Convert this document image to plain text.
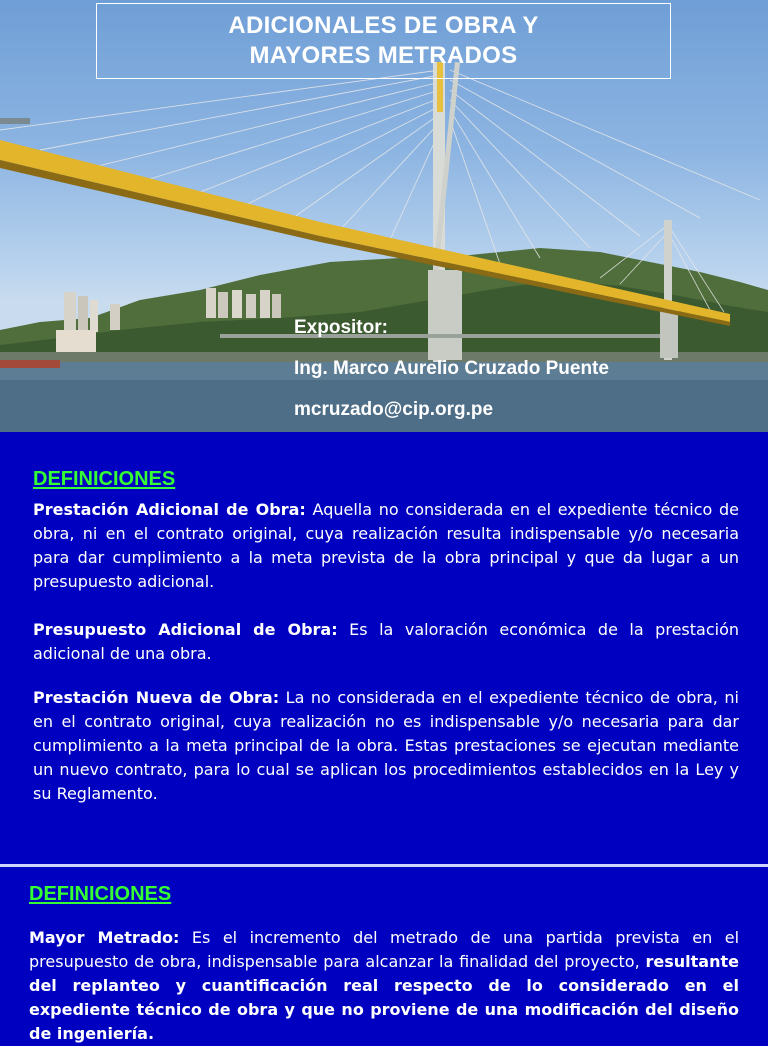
ADICIONALES DE OBRA Y
MAYORES METRADOS
Expositor:
Ing. Marco Aurelio Cruzado Puente
mcruzado@cip.org.pe
DEFINICIONES

Prestación Adicional de Obra: Aquella no considerada en el expediente técnico de obra, ni en el contrato original, cuya realización resulta indispensable y/o necesaria para dar cumplimiento a la meta prevista de la obra principal y que da lugar a un presupuesto adicional.

Presupuesto Adicional de Obra: Es la valoración económica de la prestación adicional de una obra.

Prestación Nueva de Obra: La no considerada en el expediente técnico de obra, ni en el contrato original, cuya realización no es indispensable y/o necesaria para dar cumplimiento a la meta principal de la obra. Estas prestaciones se ejecutan mediante un nuevo contrato, para lo cual se aplican los procedimientos establecidos en la Ley y su Reglamento.

DEFINICIONES

Mayor Metrado: Es el incremento del metrado de una partida prevista en el presupuesto de obra, indispensable para alcanzar la finalidad del proyecto, resultante del replanteo y cuantificación real respecto de lo considerado en el expediente técnico de obra y que no proviene de una modificación del diseño de ingeniería.
